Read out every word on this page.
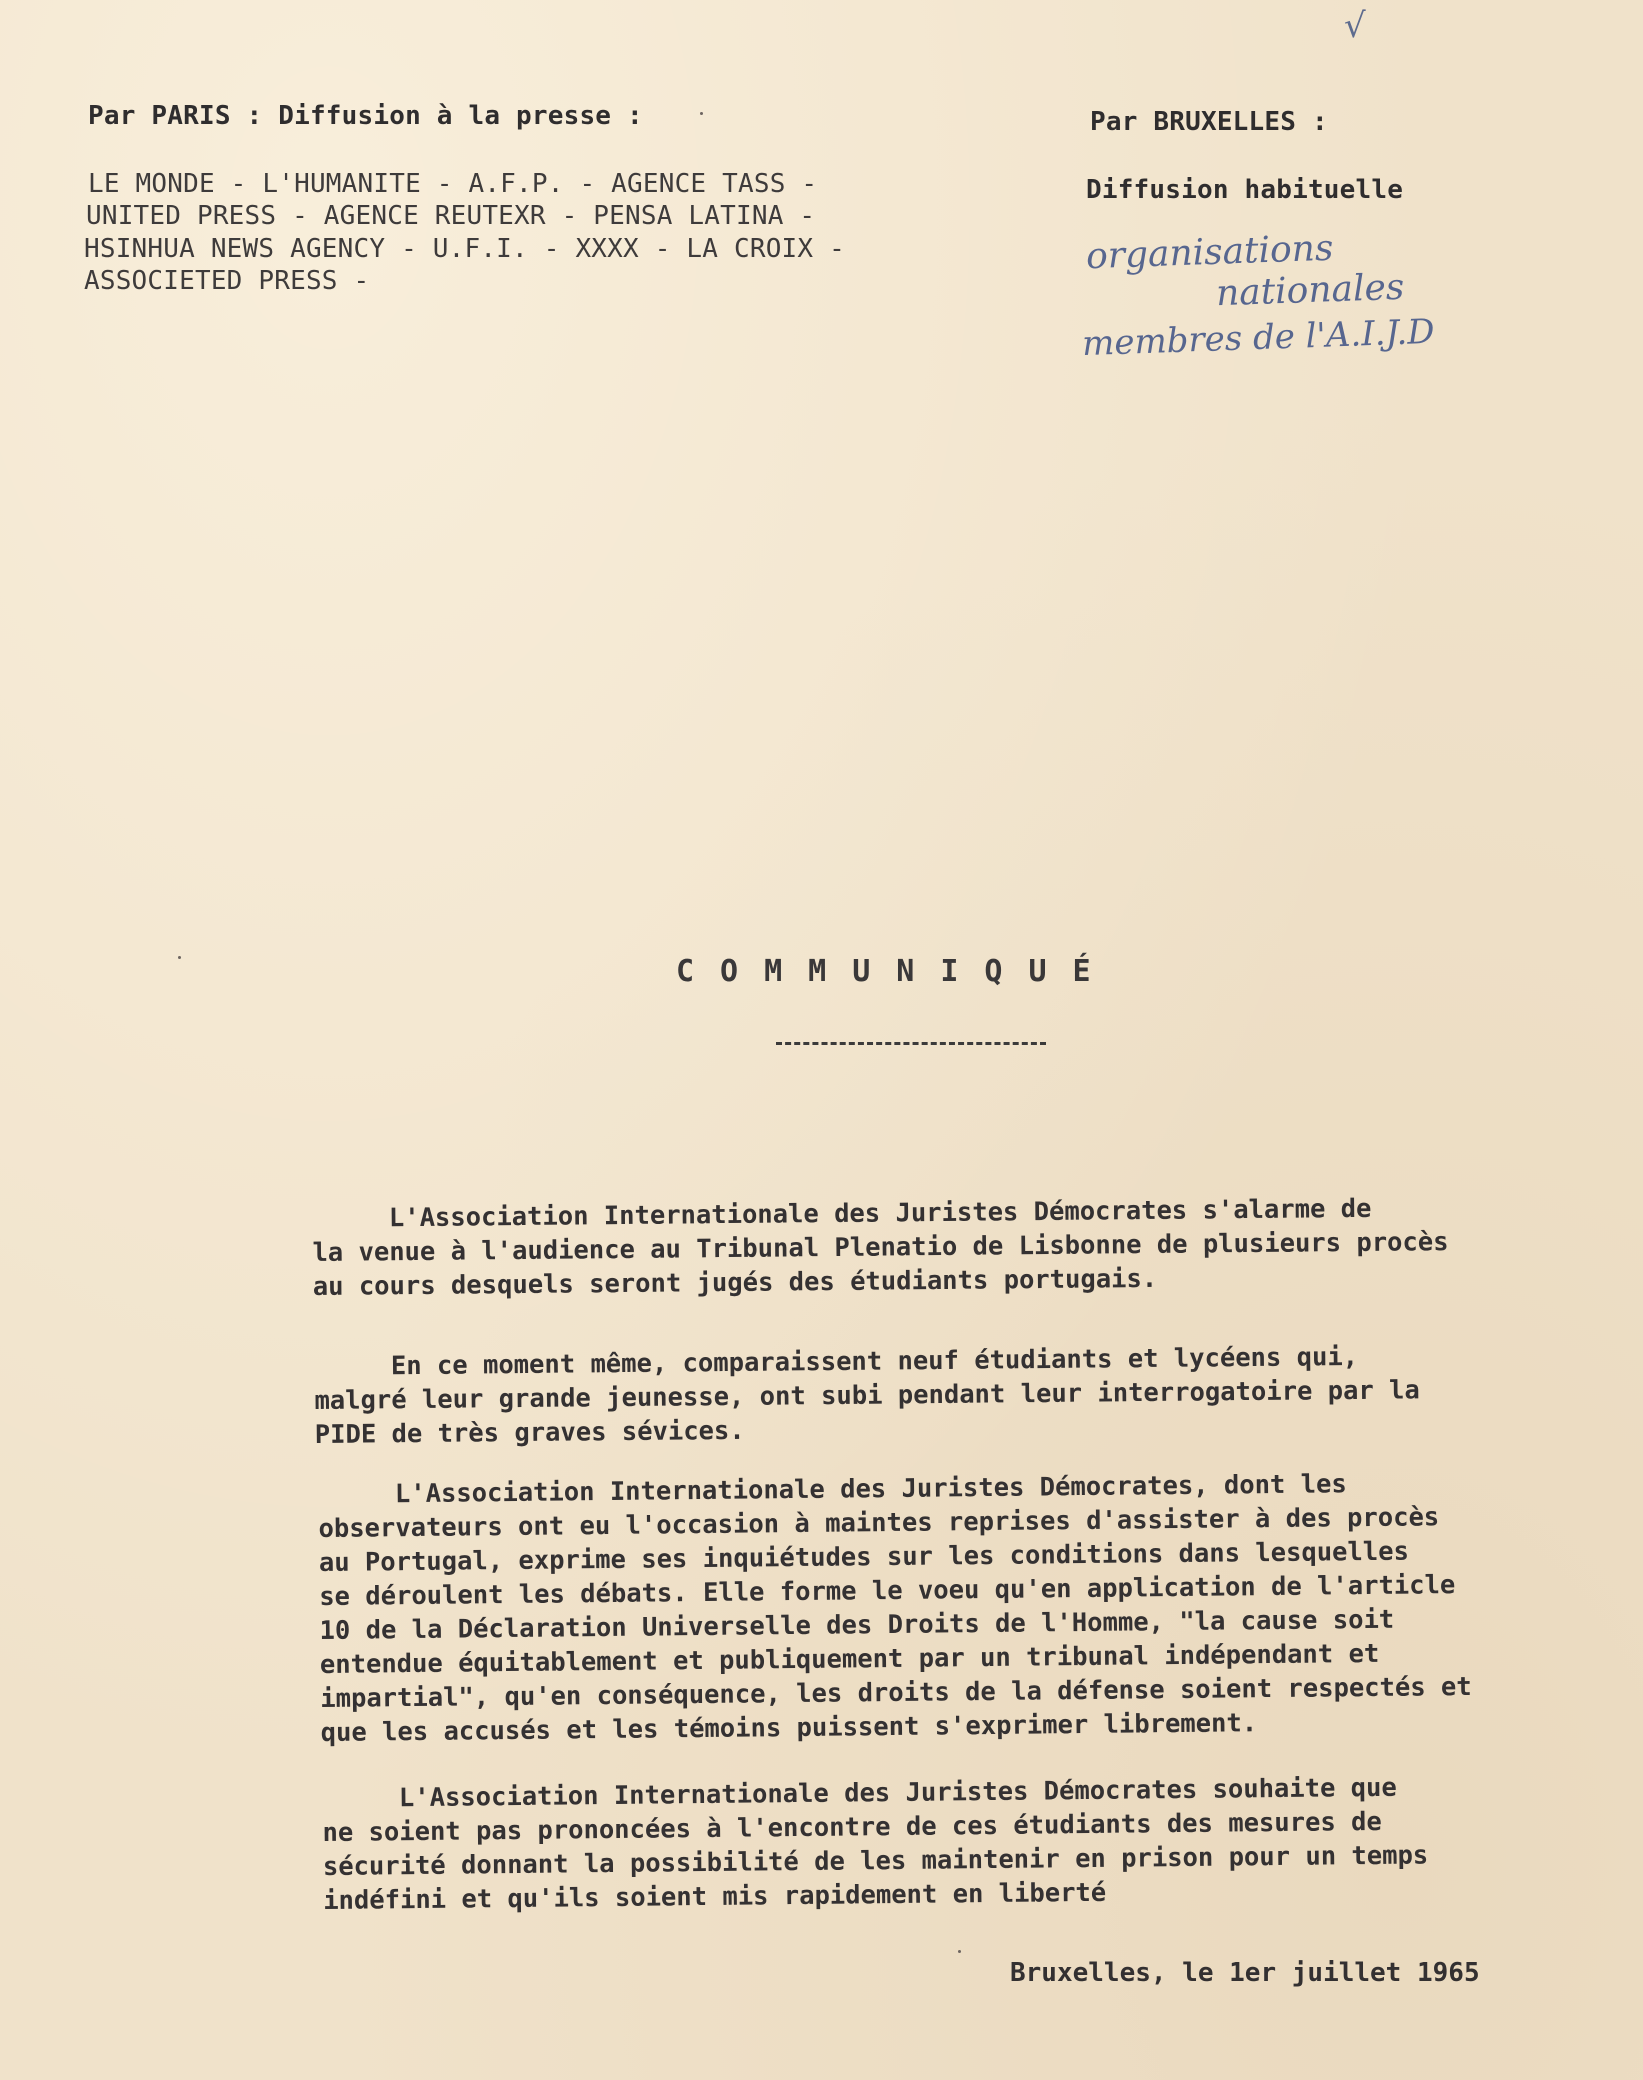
√
Par PARIS : Diffusion à la presse :
LE MONDE - L'HUMANITE - A.F.P. - AGENCE TASS -
UNITED PRESS - AGENCE REUTEXR - PENSA LATINA -
HSINHUA NEWS AGENCY - U.F.I. - XXXX - LA CROIX -
ASSOCIETED PRESS -
Par BRUXELLES :
Diffusion habituelle
organisations
nationales
membres de l'A.I.J.D
COMMUNIQUÉ
L'Association Internationale des Juristes Démocrates s'alarme de
la venue à l'audience au Tribunal Plenatio de Lisbonne de plusieurs procès
au cours desquels seront jugés des étudiants portugais.
En ce moment même, comparaissent neuf étudiants et lycéens qui,
malgré leur grande jeunesse, ont subi pendant leur interrogatoire par la
PIDE de très graves sévices.
L'Association Internationale des Juristes Démocrates, dont les
observateurs ont eu l'occasion à maintes reprises d'assister à des procès
au Portugal, exprime ses inquiétudes sur les conditions dans lesquelles
se déroulent les débats. Elle forme le voeu qu'en application de l'article
10 de la Déclaration Universelle des Droits de l'Homme, "la cause soit
entendue équitablement et publiquement par un tribunal indépendant et
impartial", qu'en conséquence, les droits de la défense soient respectés et
que les accusés et les témoins puissent s'exprimer librement.
L'Association Internationale des Juristes Démocrates souhaite que
ne soient pas prononcées à l'encontre de ces étudiants des mesures de
sécurité donnant la possibilité de les maintenir en prison pour un temps
indéfini et qu'ils soient mis rapidement en liberté
Bruxelles, le 1er juillet 1965
